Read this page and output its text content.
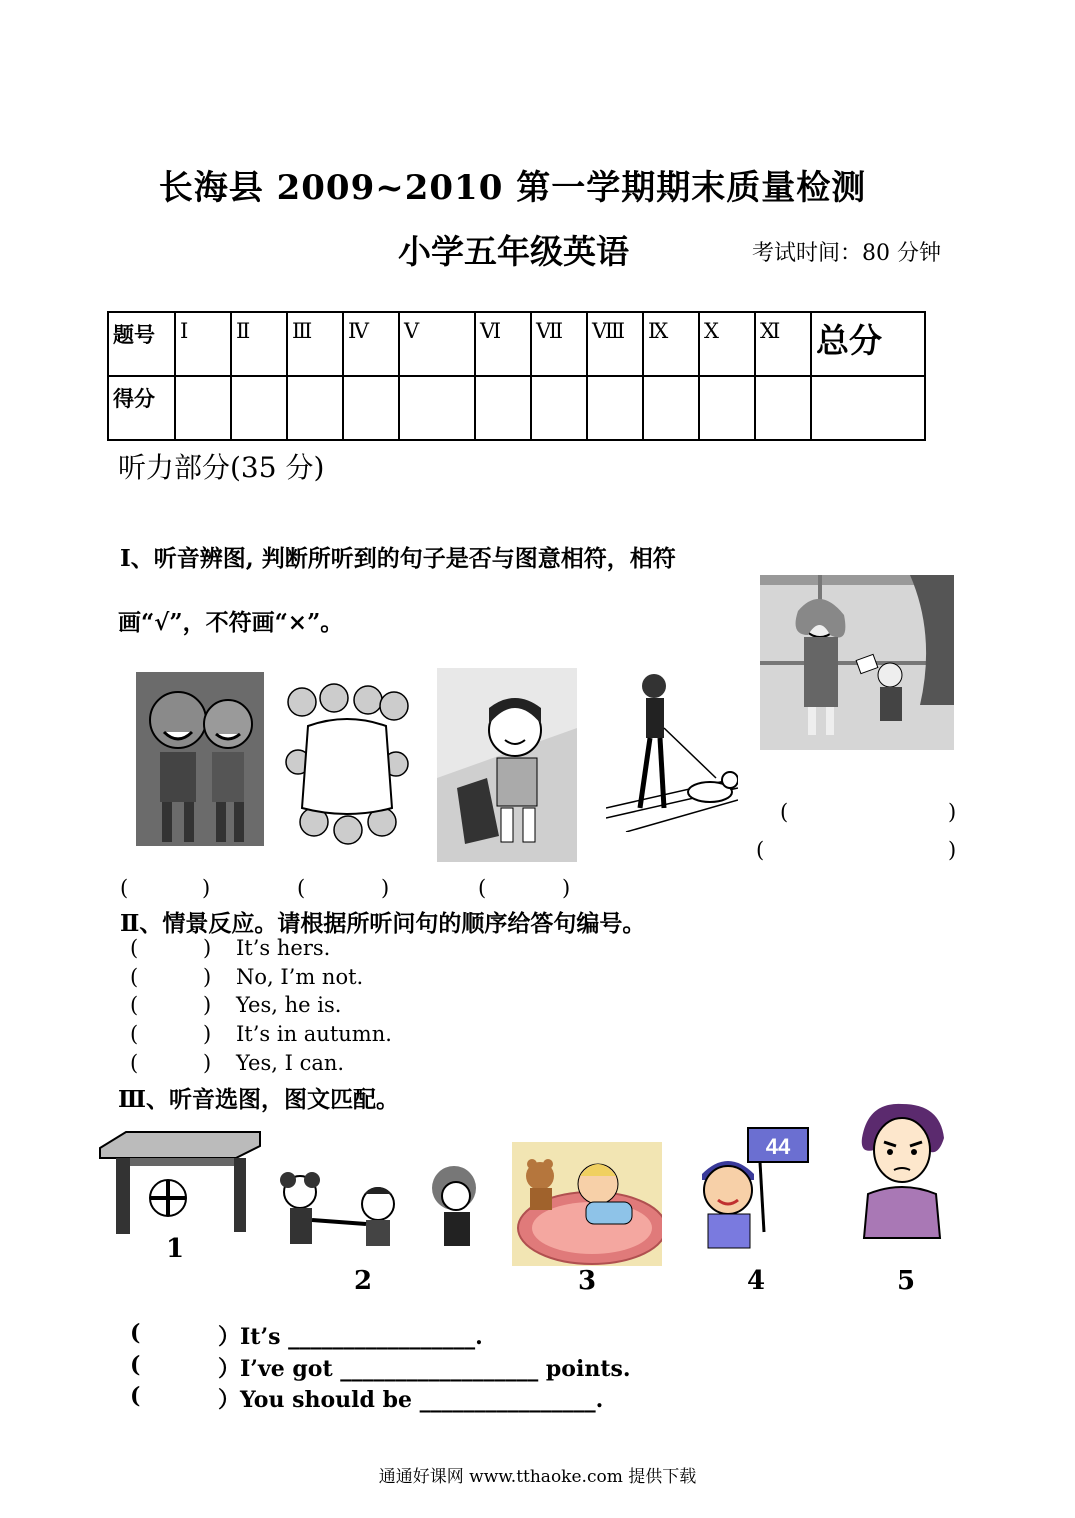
长海县 2009~2010 第一学期期末质量检测
小学五年级英语	考试时间：80 分钟
题号	Ⅰ	Ⅱ	Ⅲ	Ⅳ	Ⅴ	Ⅵ	Ⅶ	Ⅷ	Ⅸ	Ⅹ	Ⅺ	总分
得分												
听力部分(35 分)
Ⅰ、听音辨图, 判断所听到的句子是否与图意相符，相符
画“√”，不符画“×”。
(	)	(	)	(	)
(	)
(	)
Ⅱ、情景反应。请根据所听问句的顺序给答句编号。
(	) It’s hers.
(	) No, I’m not.
(	) Yes, he is.
(	) It’s in autumn.
(	) Yes, I can.
Ⅲ、听音选图，图文匹配。
44
1
2	3	4	5
(	）It’s _________________.
(	）I’ve got __________________ points.
(	）You should be ________________.
通通好课网 www.tthaoke.com 提供下载
